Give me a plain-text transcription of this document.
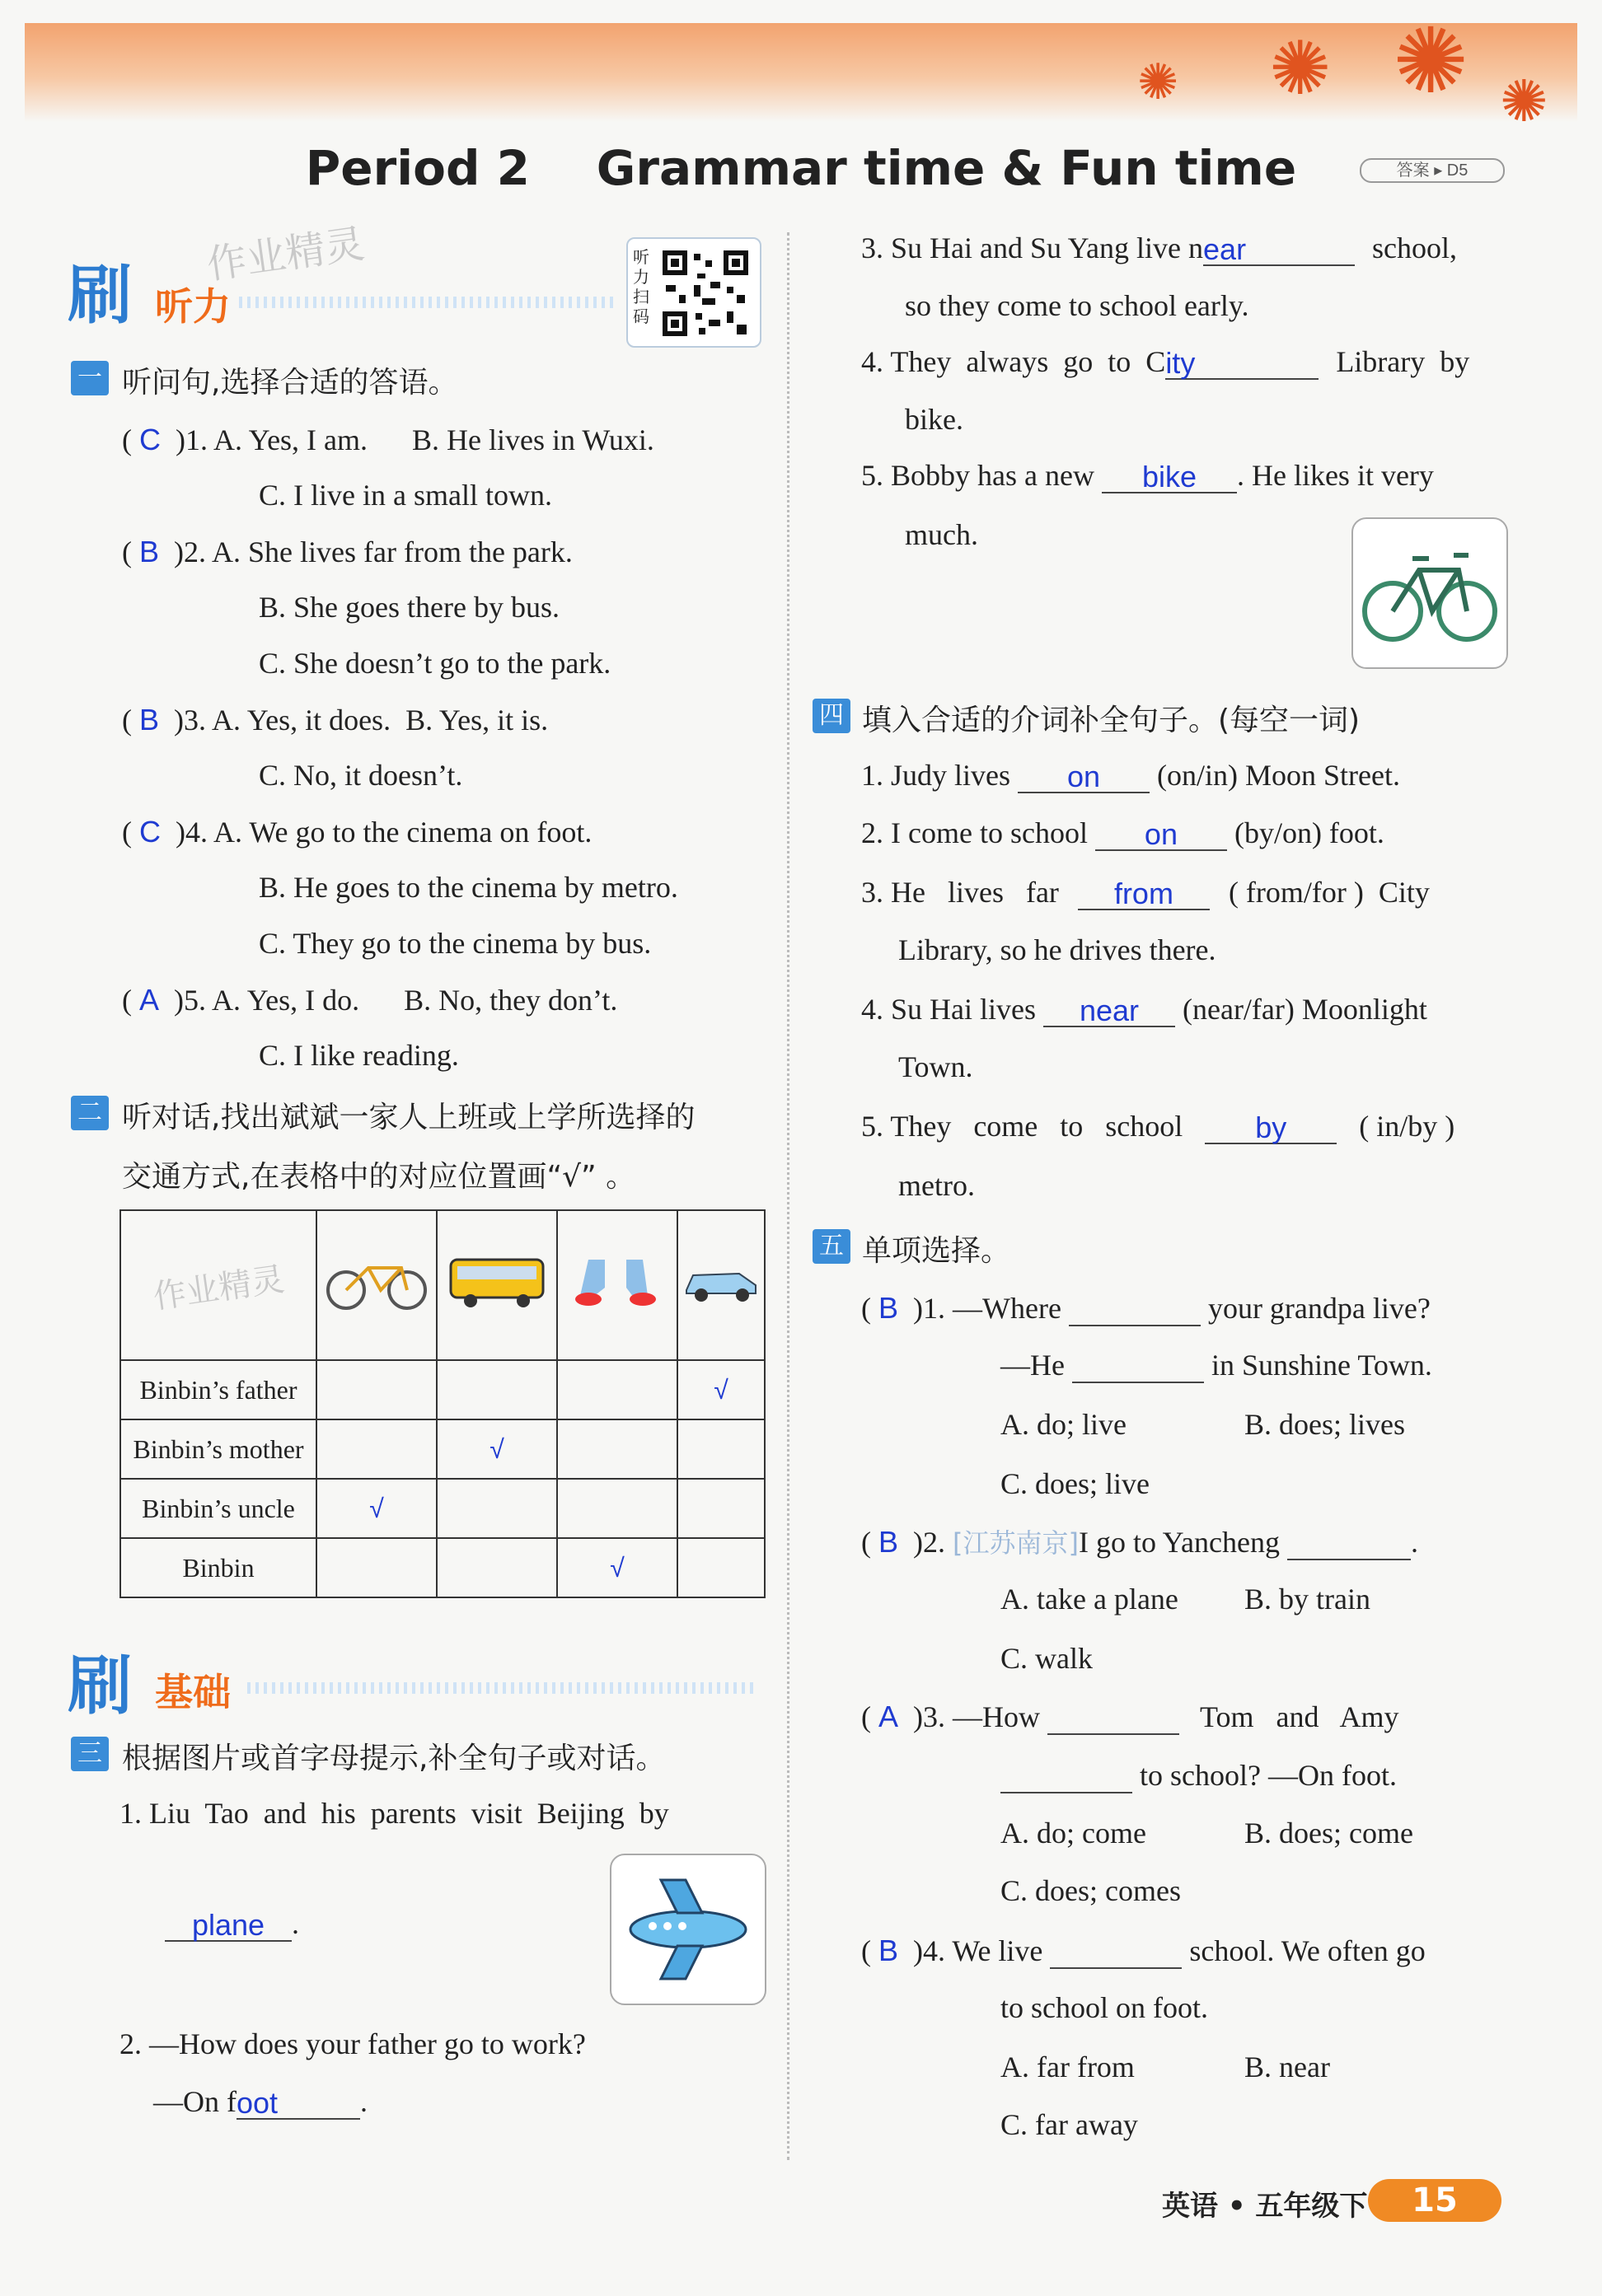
✺ ✺
✺	✺
Period 2    Grammar time & Fun time	答案 ▸ D5
刷 听力
作业精灵	听力扫码
一 听问句,选择合适的答语。
( C )1. A. Yes, I am.      B. He lives in Wuxi.
C. I live in a small town.
( B )2. A. She lives far from the park.
B. She goes there by bus.
C. She doesn’t go to the park.
( B )3. A. Yes, it does.  B. Yes, it is.
C. No, it doesn’t.
( C )4. A. We go to the cinema on foot.
B. He goes to the cinema by metro.
C. They go to the cinema by bus.
( A )5. A. Yes, I do.      B. No, they don’t.
C. I like reading.
二 听对话,找出斌斌一家人上班或上学所选择的
交通方式,在表格中的对应位置画“√” 。
作业精灵				
Binbin’s father				√
Binbin’s mother		√		
Binbin’s uncle	√			
Binbin			√	
刷 基础
三 根据图片或首字母提示,补全句子或对话。
1. Liu  Tao  and  his  parents  visit  Beijing  by
plane .
2. —How does your father go to work?
—On foot	.
3. Su Hai and Su Yang live near	school,
so they come to school early.
4. They  always  go  to  City	Library  by
bike.
5. Bobby has a new bike . He likes it very
much.
四 填入合适的介词补全句子。(每空一词)
1. Judy lives on (on/in) Moon Street.
2. I come to school on (by/on) foot.
3. He   lives   far from ( from/for )  City
Library, so he drives there.
4. Su Hai lives near (near/far) Moonlight
Town.
5. They   come   to   school by ( in/by )
metro.
五 单项选择。
( B )1. —Where	your grandpa live?
—He	in Sunshine Town.
A. do; live	B. does; lives
C. does; live
( B )2. [江苏南京]I go to Yancheng	.
A. take a plane B. by train
C. walk
( A )3. —How	Tom   and   Amy
to school? —On foot.
A. do; come	B. does; come
C. does; comes
( B )4. We live	school. We often go
to school on foot.
A. far from	B. near
C. far away
英语 • 五年级下	15
